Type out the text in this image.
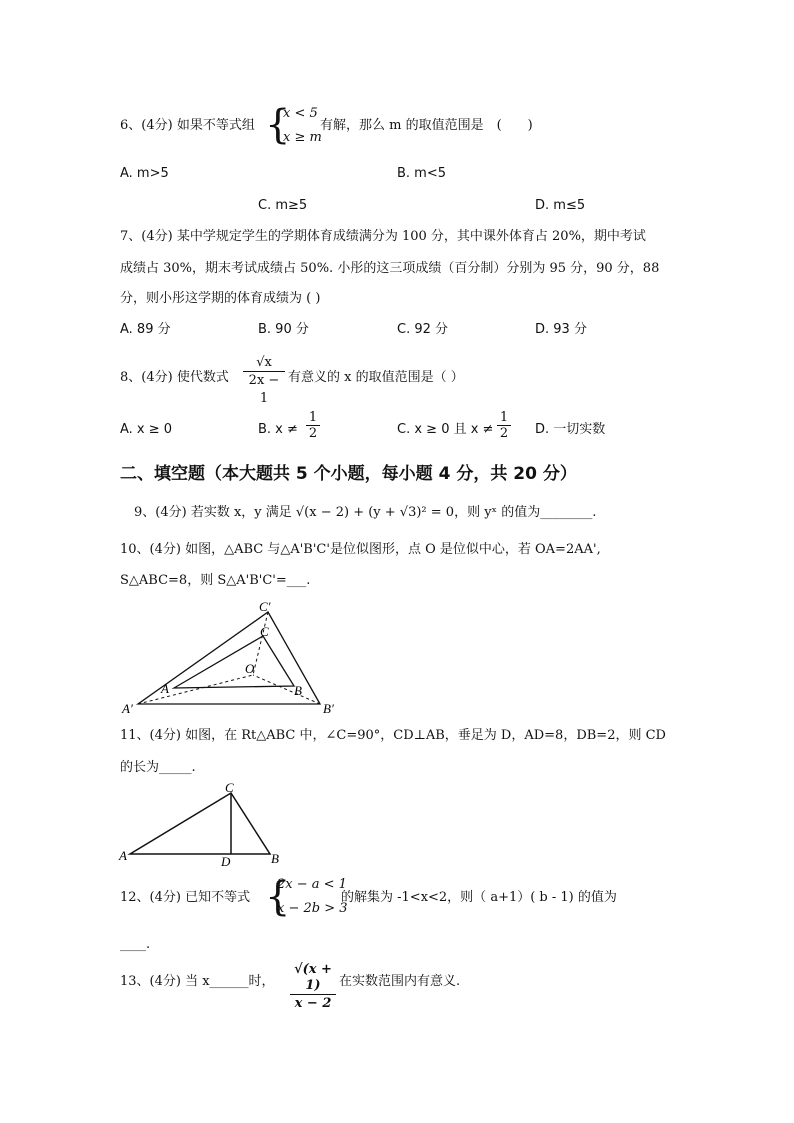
6、(4分) 如果不等式组 {
x < 5
x ≥ m
有解，那么 m 的取值范围是　(　　)
A. m>5	B. m<5
C. m≥5	D. m≤5
7、(4分) 某中学规定学生的学期体育成绩满分为 100 分，其中课外体育占 20%，期中考试
成绩占 30%，期末考试成绩占 50%. 小彤的这三项成绩（百分制）分别为 95 分，90 分，88
分，则小彤这学期的体育成绩为 ( )
A. 89 分	B. 90 分	C. 92 分	D. 93 分
8、(4分) 使代数式
√x
2x − 1
有意义的 x 的取值范围是（ ）
A. x ≥ 0	B. x ≠
1
2	C. x ≥ 0 且 x ≠
1
2 D. 一切实数
二、填空题（本大题共 5 个小题，每小题 4 分，共 20 分）
9、(4分) 若实数 x，y 满足 √(x − 2) + (y + √3)² = 0，则 yˣ 的值为________.
10、(4分) 如图，△ABC 与△A'B'C'是位似图形，点 O 是位似中心，若 OA=2AA',
S△ABC=8，则 S△A'B'C'=___.
C′
C
O
A	B
A′	B′
11、(4分) 如图，在 Rt△ABC 中，∠C=90°，CD⊥AB，垂足为 D，AD=8，DB=2，则 CD
的长为_____.
C
A	D	B
12、(4分) 已知不等式 {
2x − a < 1
x − 2b > 3
的解集为 -1<x<2，则（ a+1）( b - 1) 的值为
____.
13、(4分) 当 x______时，
√(x + 1)
x − 2
在实数范围内有意义.
